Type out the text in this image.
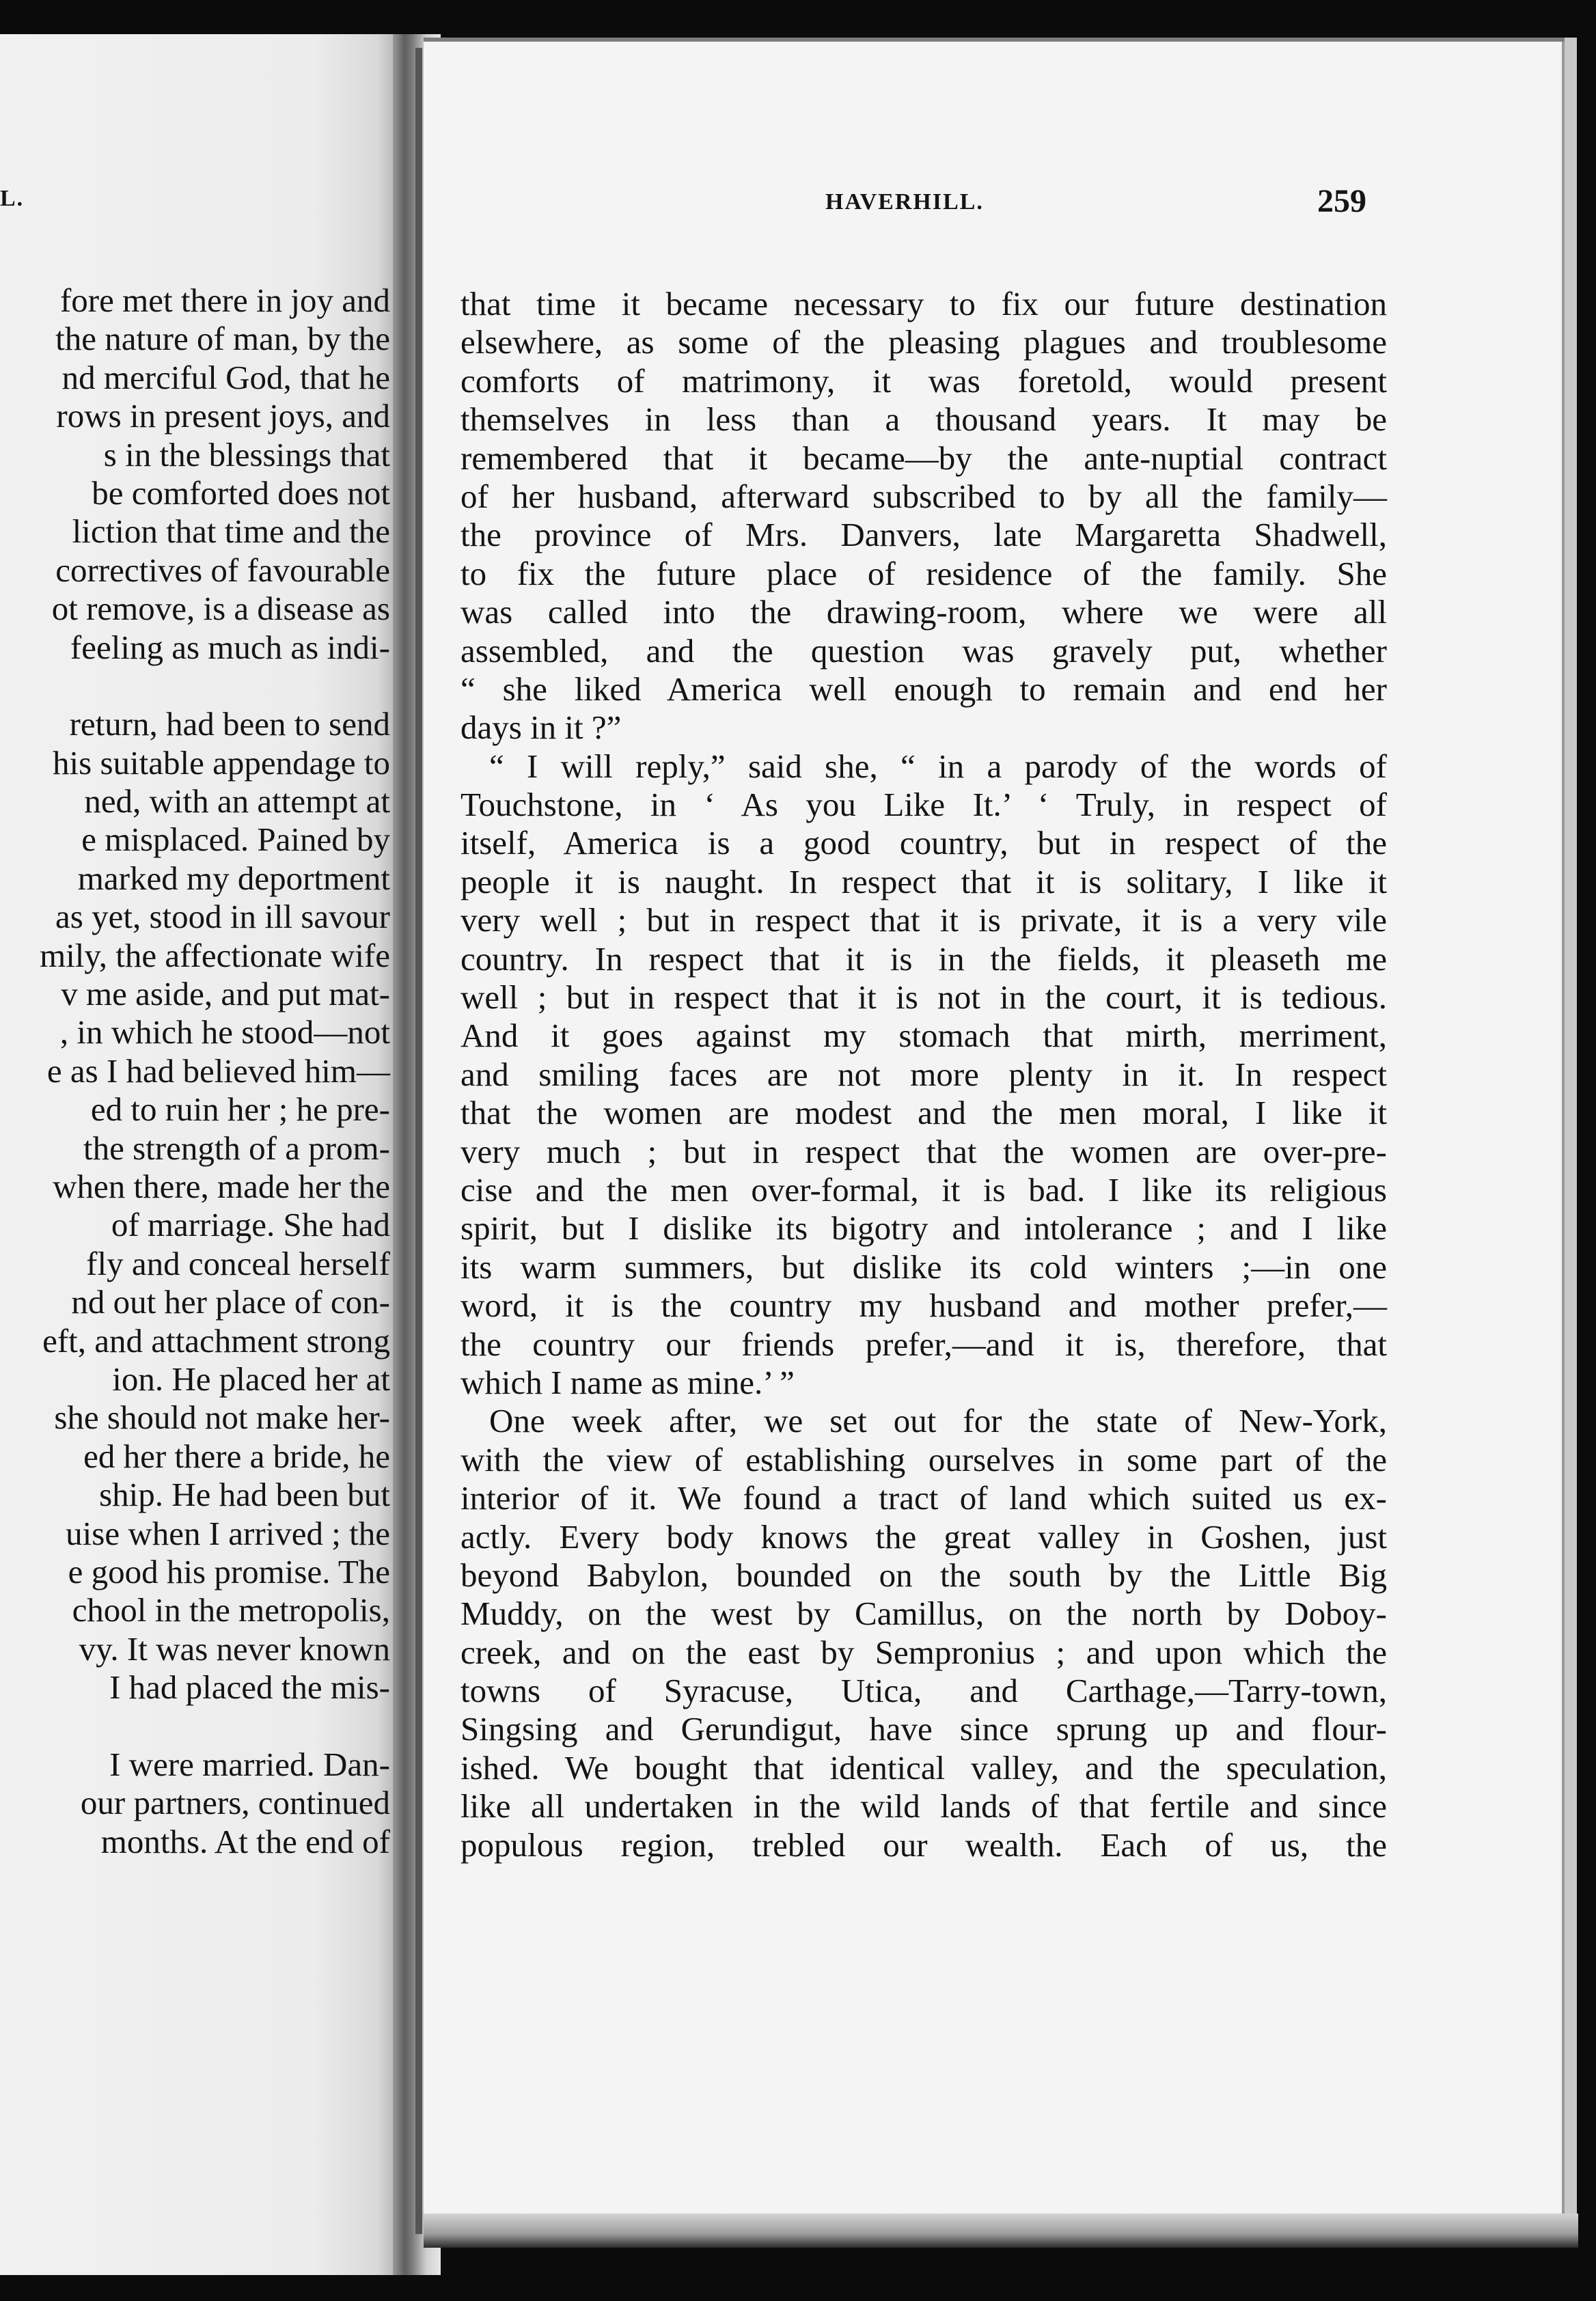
L.
fore met there in joy and
the nature of man, by the
nd merciful God, that he
rows in present joys, and
s in the blessings that
be comforted does not
liction that time and the
correctives of favourable
ot remove, is a disease as
feeling as much as indi-

return, had been to send
his suitable appendage to
ned, with an attempt at
e misplaced. Pained by
marked my deportment
as yet, stood in ill savour
mily, the affectionate wife
v me aside, and put mat-
, in which he stood—not
e as I had believed him—
ed to ruin her ; he pre-
the strength of a prom-
when there, made her the
of marriage. She had
fly and conceal herself
nd out her place of con-
eft, and attachment strong
ion. He placed her at
she should not make her-
ed her there a bride, he
ship. He had been but
uise when I arrived ; the
e good his promise. The
chool in the metropolis,
vy. It was never known
I had placed the mis-

I were married. Dan-
our partners, continued
months. At the end of
HAVERHILL.	259
that time it became necessary to fix our future destination
elsewhere, as some of the pleasing plagues and troublesome
comforts of matrimony, it was foretold, would present
themselves in less than a thousand years. It may be
remembered that it became—by the ante-nuptial contract
of her husband, afterward subscribed to by all the family—
the province of Mrs. Danvers, late Margaretta Shadwell,
to fix the future place of residence of the family. She
was called into the drawing-room, where we were all
assembled, and the question was gravely put, whether
“ she liked America well enough to remain and end her
days in it ?”
“ I will reply,” said she, “ in a parody of the words of
Touchstone, in ‘ As you Like It.’ ‘ Truly, in respect of
itself, America is a good country, but in respect of the
people it is naught. In respect that it is solitary, I like it
very well ; but in respect that it is private, it is a very vile
country. In respect that it is in the fields, it pleaseth me
well ; but in respect that it is not in the court, it is tedious.
And it goes against my stomach that mirth, merriment,
and smiling faces are not more plenty in it. In respect
that the women are modest and the men moral, I like it
very much ; but in respect that the women are over-pre-
cise and the men over-formal, it is bad. I like its religious
spirit, but I dislike its bigotry and intolerance ; and I like
its warm summers, but dislike its cold winters ;—in one
word, it is the country my husband and mother prefer,—
the country our friends prefer,—and it is, therefore, that
which I name as mine.’ ”
One week after, we set out for the state of New-York,
with the view of establishing ourselves in some part of the
interior of it. We found a tract of land which suited us ex-
actly. Every body knows the great valley in Goshen, just
beyond Babylon, bounded on the south by the Little Big
Muddy, on the west by Camillus, on the north by Doboy-
creek, and on the east by Sempronius ; and upon which the
towns of Syracuse, Utica, and Carthage,—Tarry-town,
Singsing and Gerundigut, have since sprung up and flour-
ished. We bought that identical valley, and the speculation,
like all undertaken in the wild lands of that fertile and since
populous region, trebled our wealth. Each of us, the
